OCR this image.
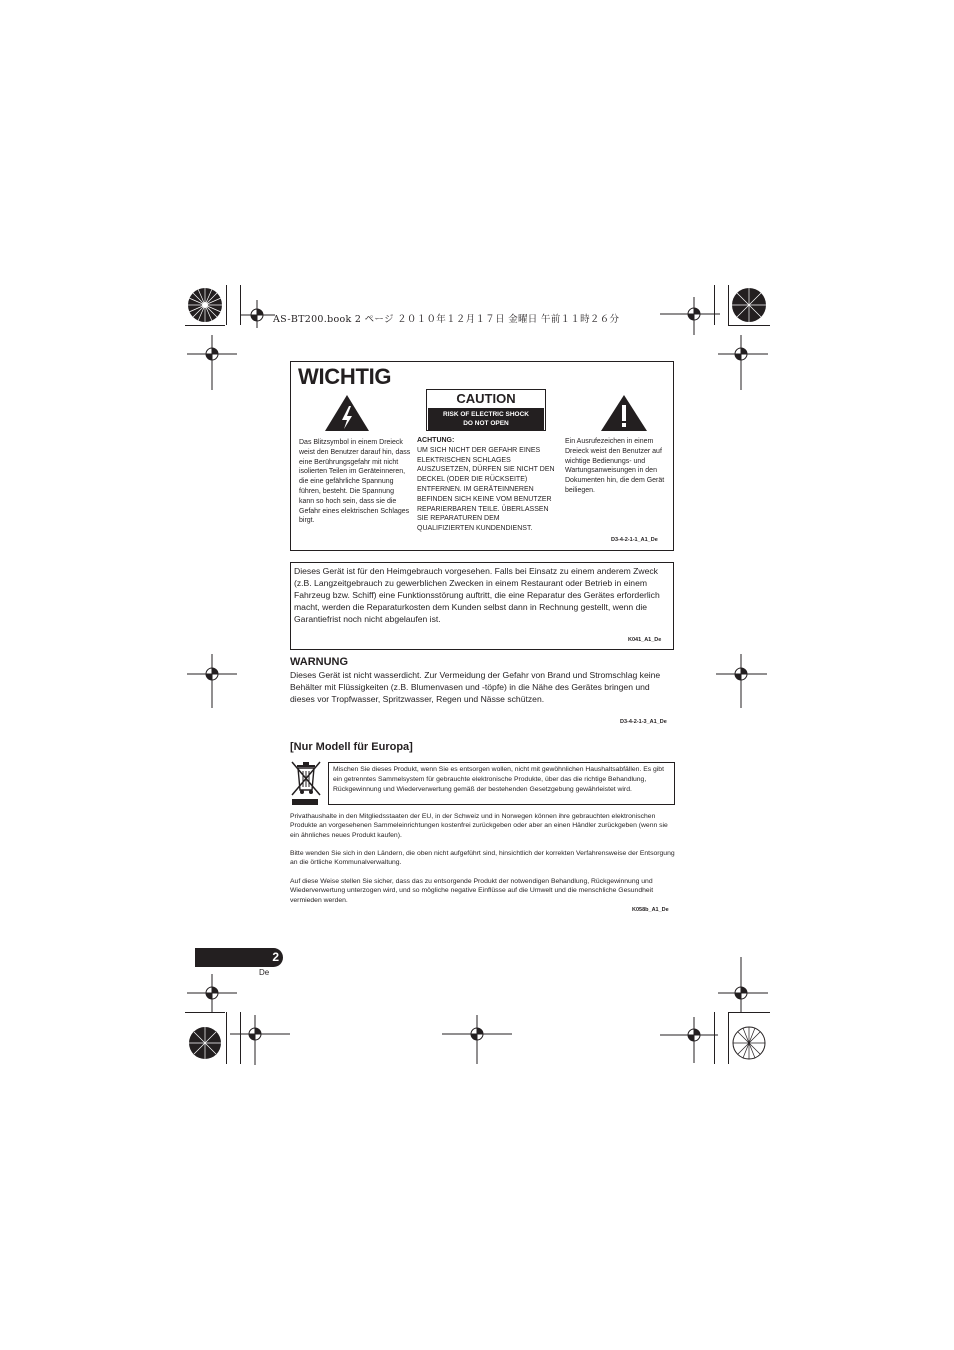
AS-BT200.book 2 ページ ２０１０年１２月１７日 金曜日 午前１１時２６分
WICHTIG
CAUTION
RISK OF ELECTRIC SHOCK
DO NOT OPEN
Das Blitzsymbol in einem Dreieck weist den Benutzer darauf hin, dass eine Berührungsgefahr mit nicht isolierten Teilen im Geräteinneren, die eine gefährliche Spannung führen, besteht. Die Spannung kann so hoch sein, dass sie die Gefahr eines elektrischen Schlages birgt.
ACHTUNG:
UM SICH NICHT DER GEFAHR EINES ELEKTRISCHEN SCHLAGES AUSZUSETZEN, DÜRFEN SIE NICHT DEN DECKEL (ODER DIE RÜCKSEITE) ENTFERNEN. IM GERÄTEINNEREN BEFINDEN SICH KEINE VOM BENUTZER REPARIERBAREN TEILE. ÜBERLASSEN SIE REPARATUREN DEM QUALIFIZIERTEN KUNDENDIENST.
Ein Ausrufezeichen in einem Dreieck weist den Benutzer auf wichtige Bedienungs- und Wartungsanweisungen in den Dokumenten hin, die dem Gerät beiliegen.
D3-4-2-1-1_A1_De
Dieses Gerät ist für den Heimgebrauch vorgesehen. Falls bei Einsatz zu einem anderem Zweck (z.B. Langzeitgebrauch zu gewerblichen Zwecken in einem Restaurant oder Betrieb in einem Fahrzeug bzw. Schiff) eine Funktionsstörung auftritt, die eine Reparatur des Gerätes erforderlich macht, werden die Reparaturkosten dem Kunden selbst dann in Rechnung gestellt, wenn die Garantiefrist noch nicht abgelaufen ist.
K041_A1_De
WARNUNG
Dieses Gerät ist nicht wasserdicht. Zur Vermeidung der Gefahr von Brand und Stromschlag keine Behälter mit Flüssigkeiten (z.B. Blumenvasen und -töpfe) in die Nähe des Gerätes bringen und dieses vor Tropfwasser, Spritzwasser, Regen und Nässe schützen.
D3-4-2-1-3_A1_De
[Nur Modell für Europa]
Mischen Sie dieses Produkt, wenn Sie es entsorgen wollen, nicht mit gewöhnlichen Haushaltsabfällen. Es gibt ein getrenntes Sammelsystem für gebrauchte elektronische Produkte, über das die richtige Behandlung, Rückgewinnung und Wiederverwertung gemäß der bestehenden Gesetzgebung gewährleistet wird.
Privathaushalte in den Mitgliedsstaaten der EU, in der Schweiz und in Norwegen können ihre gebrauchten elektronischen Produkte an vorgesehenen Sammeleinrichtungen kostenfrei zurückgeben oder aber an einen Händler zurückgeben (wenn sie ein ähnliches neues Produkt kaufen).
Bitte wenden Sie sich in den Ländern, die oben nicht aufgeführt sind, hinsichtlich der korrekten Verfahrensweise der Entsorgung an die örtliche Kommunalverwaltung.
Auf diese Weise stellen Sie sicher, dass das zu entsorgende Produkt der notwendigen Behandlung, Rückgewinnung und Wiederverwertung unterzogen wird, und so mögliche negative Einflüsse auf die Umwelt und die menschliche Gesundheit vermieden werden.
K058b_A1_De
2
De
